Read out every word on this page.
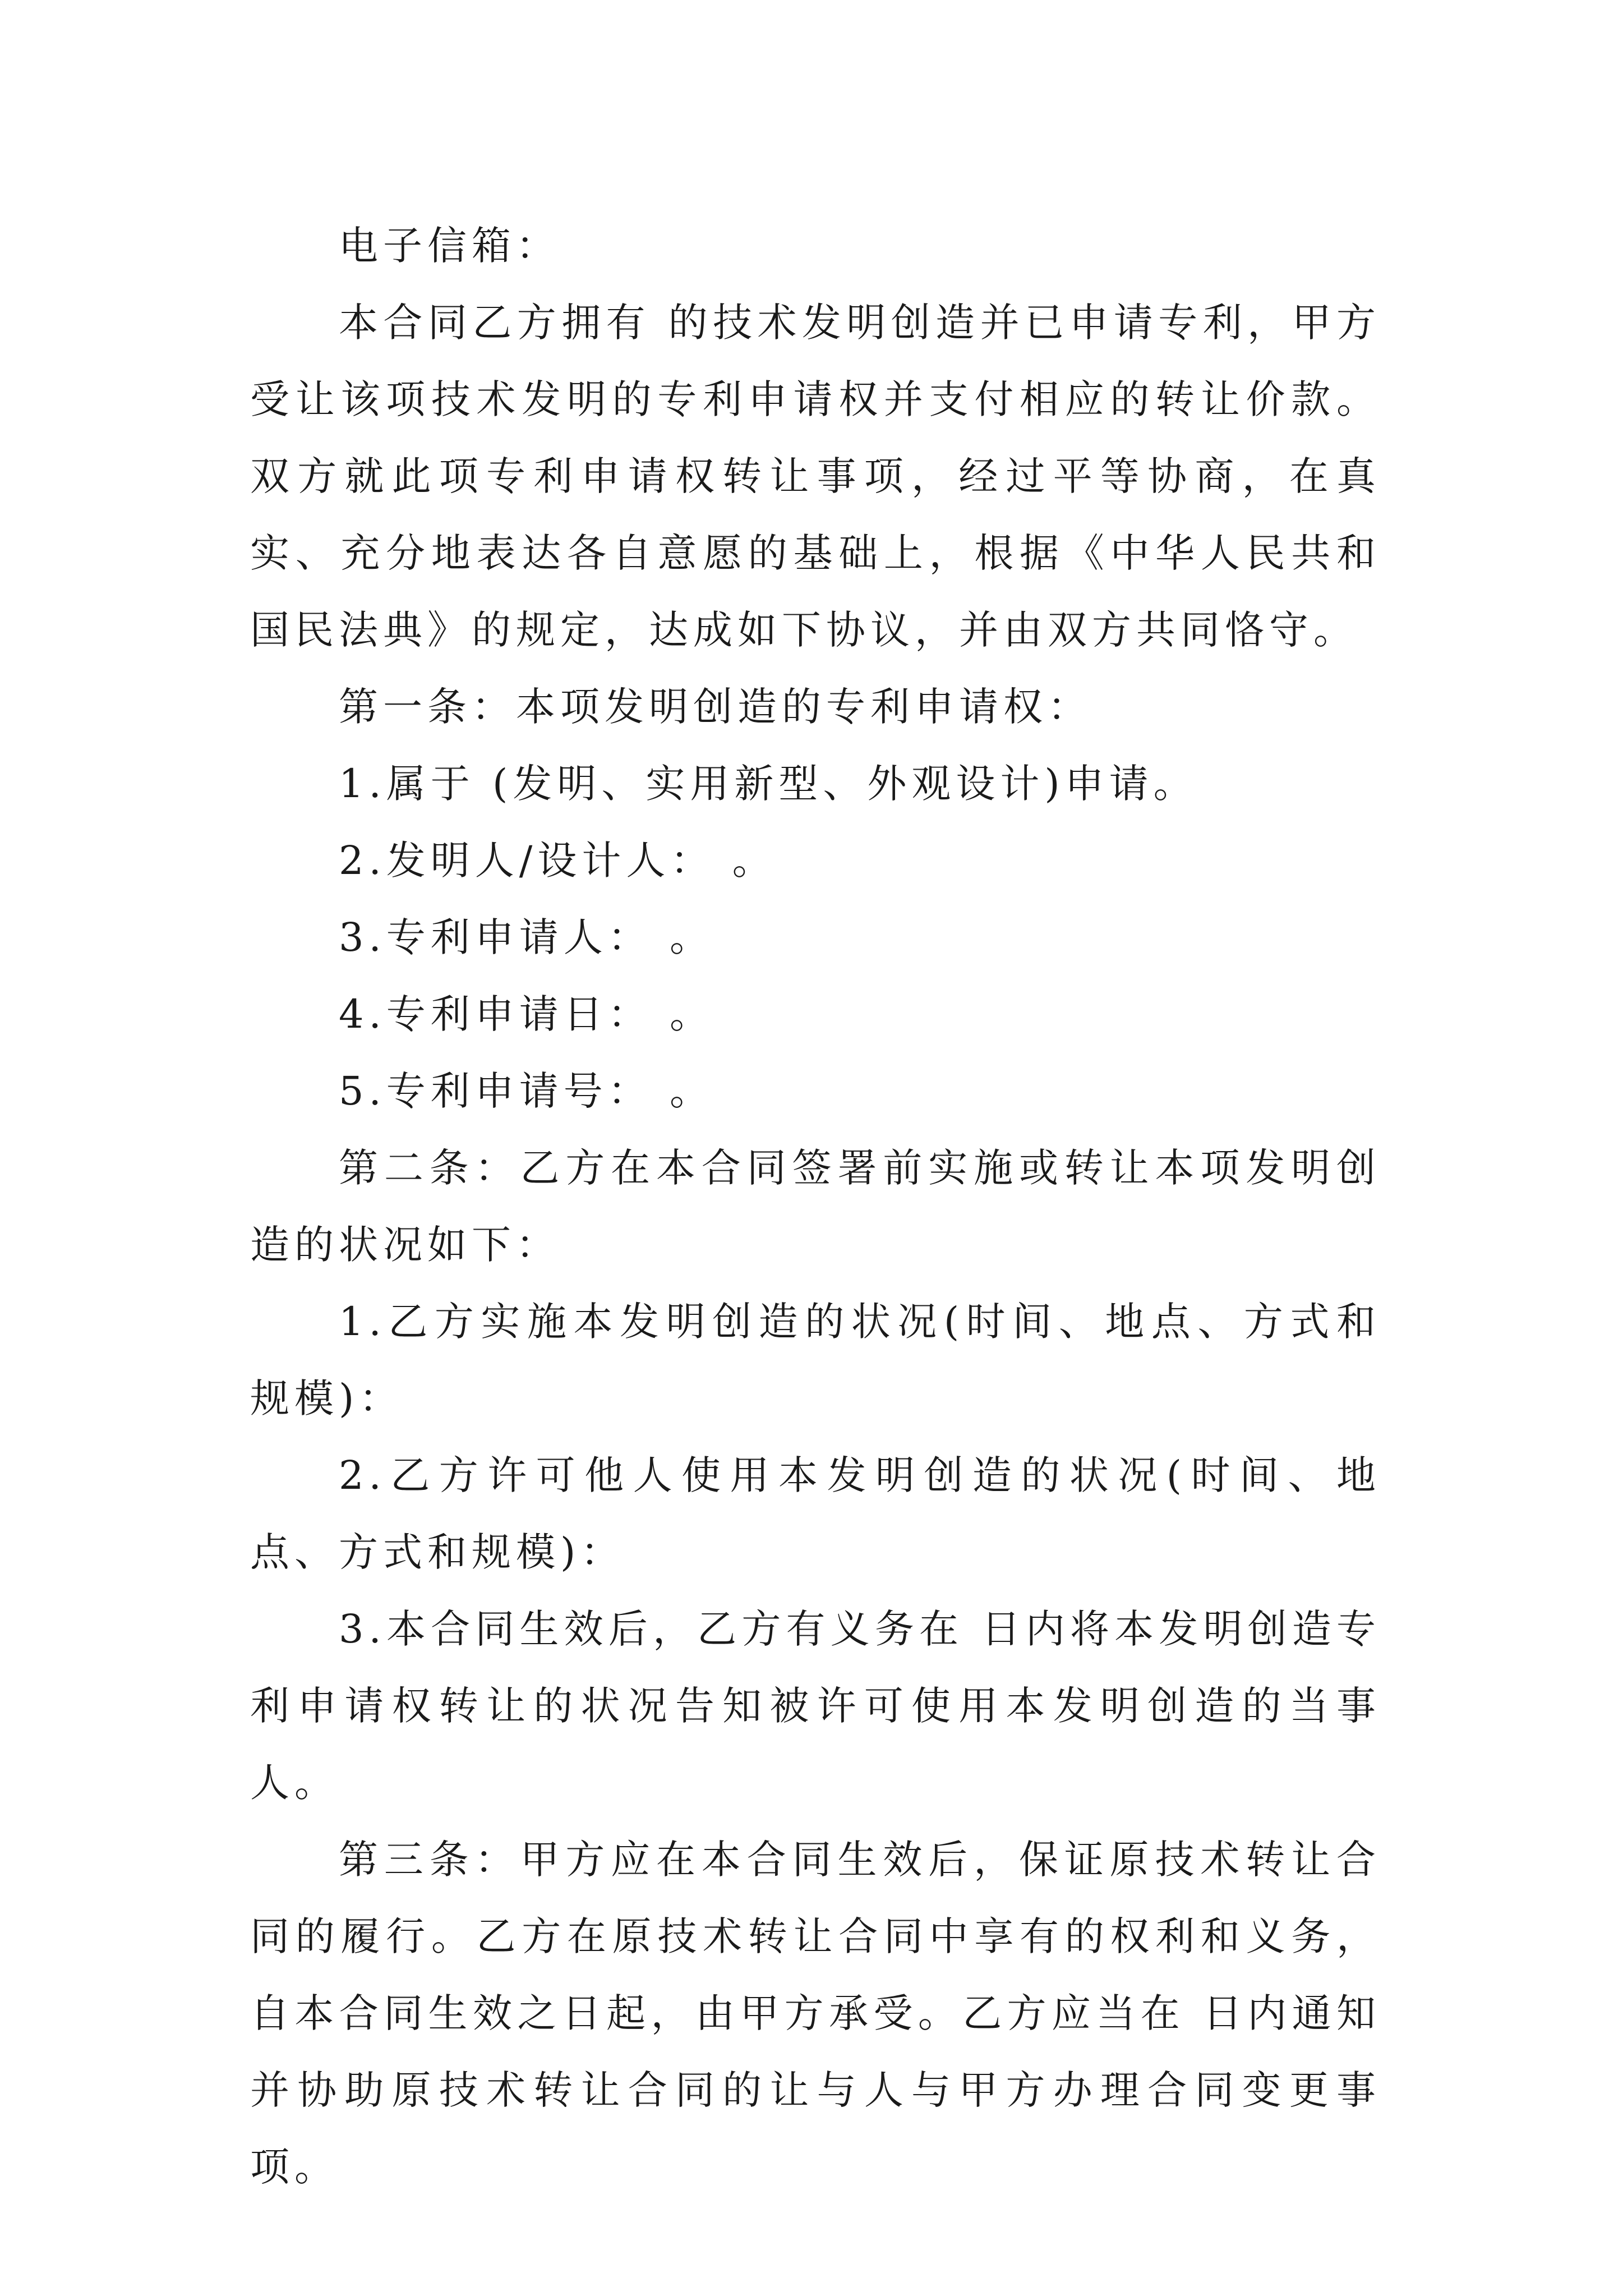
电子信箱：

本合同乙方拥有 的技术发明创造并已申请专利，甲方受让该项技术发明的专利申请权并支付相应的转让价款。双方就此项专利申请权转让事项，经过平等协商，在真实、充分地表达各自意愿的基础上，根据《中华人民共和国民法典》的规定，达成如下协议，并由双方共同恪守。

第一条：本项发明创造的专利申请权：

1.属于 (发明、实用新型、外观设计)申请。

2.发明人/设计人： 。

3.专利申请人： 。

4.专利申请日： 。

5.专利申请号： 。

第二条：乙方在本合同签署前实施或转让本项发明创造的状况如下：

1.乙方实施本发明创造的状况(时间、地点、方式和规模)：

2.乙方许可他人使用本发明创造的状况(时间、地点、方式和规模)：

3.本合同生效后，乙方有义务在 日内将本发明创造专利申请权转让的状况告知被许可使用本发明创造的当事人。

第三条：甲方应在本合同生效后，保证原技术转让合同的履行。乙方在原技术转让合同中享有的权利和义务，自本合同生效之日起，由甲方承受。乙方应当在 日内通知并协助原技术转让合同的让与人与甲方办理合同变更事项。
